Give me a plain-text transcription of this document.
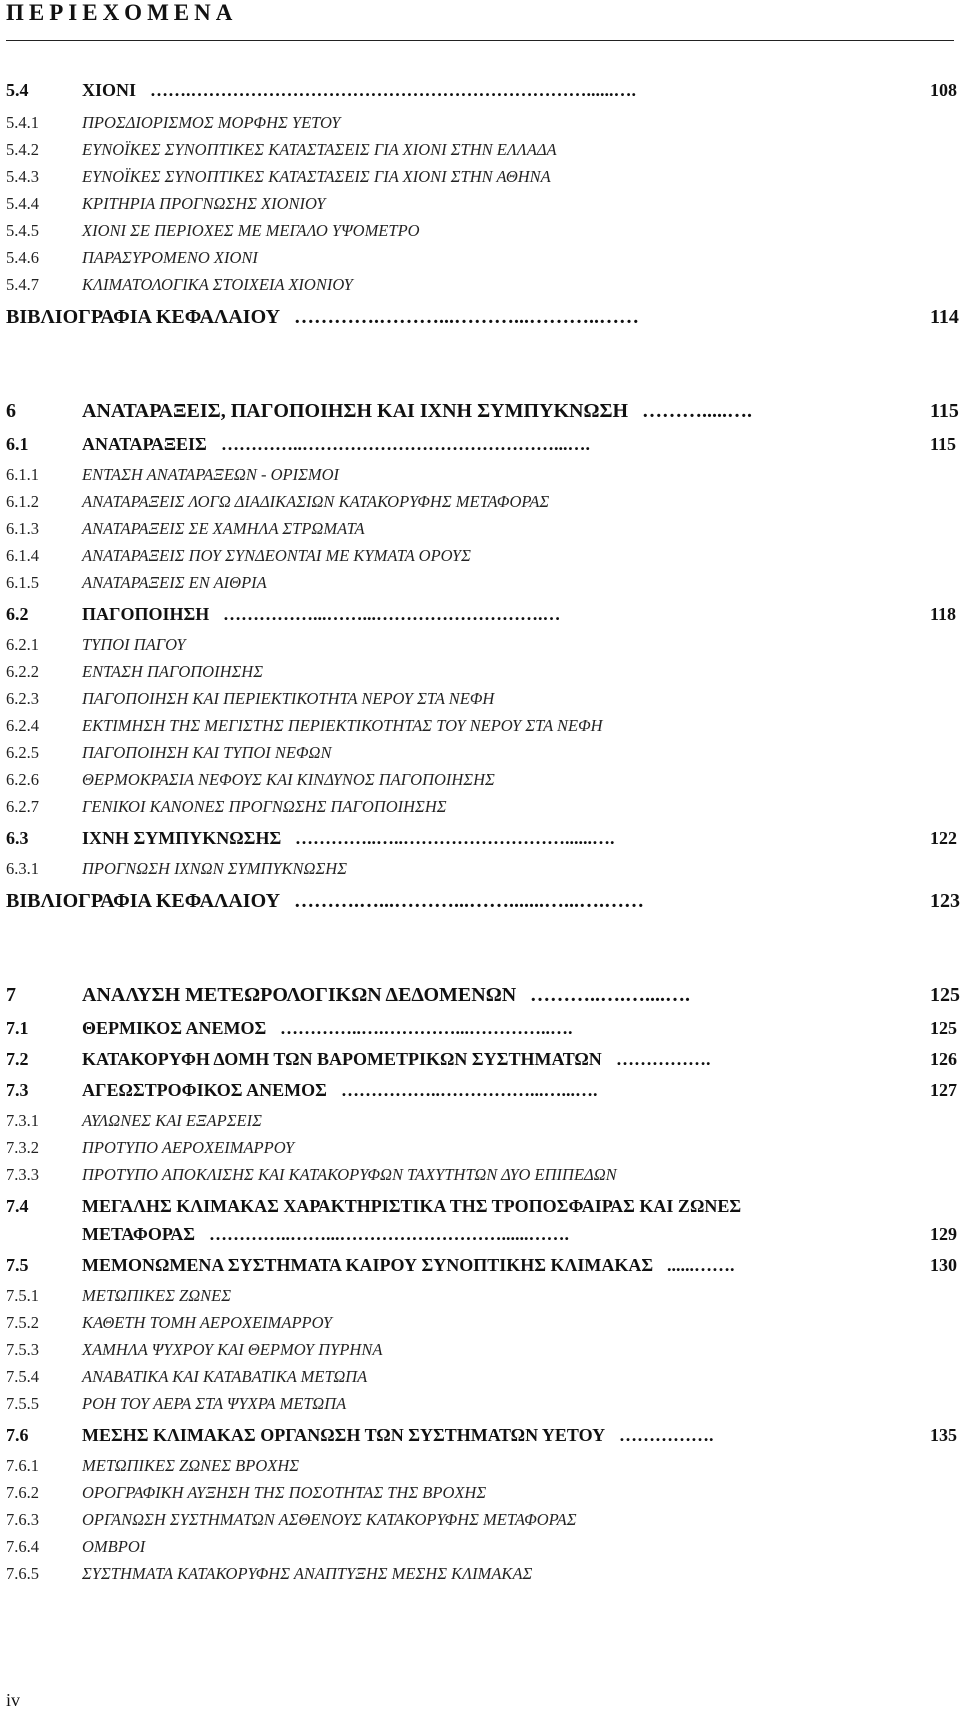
ΠΕΡΙΕΧΟΜΕΝΑ
5.4	ΧΙΟΝΙ …….…………………………………………………………......….	108
5.4.1	ΠΡΟΣΔΙΟΡΙΣΜΟΣ ΜΟΡΦΗΣ ΥΕΤΟΥ
5.4.2	ΕΥΝΟΪΚΕΣ ΣΥΝΟΠΤΙΚΕΣ ΚΑΤΑΣΤΑΣΕΙΣ ΓΙΑ ΧΙΟΝΙ ΣΤΗΝ ΕΛΛΑΔΑ
5.4.3	ΕΥΝΟΪΚΕΣ ΣΥΝΟΠΤΙΚΕΣ ΚΑΤΑΣΤΑΣΕΙΣ ΓΙΑ ΧΙΟΝΙ ΣΤΗΝ ΑΘΗΝΑ
5.4.4	ΚΡΙΤΗΡΙΑ ΠΡΟΓΝΩΣΗΣ ΧΙΟΝΙΟΥ
5.4.5	ΧΙΟΝΙ ΣΕ ΠΕΡΙΟΧΕΣ ΜΕ ΜΕΓΑΛΟ ΥΨΟΜΕΤΡΟ
5.4.6	ΠΑΡΑΣΥΡΟΜΕΝΟ ΧΙΟΝΙ
5.4.7	ΚΛΙΜΑΤΟΛΟΓΙΚΑ ΣΤΟΙΧΕΙΑ ΧΙΟΝΙΟΥ
ΒΙΒΛΙΟΓΡΑΦΙΑ ΚΕΦΑΛΑΙΟΥ ………….………...………...………..……	114
6	ΑΝΑΤΑΡΑΞΕΙΣ, ΠΑΓΟΠΟΙΗΣΗ ΚΑΙ ΙΧΝΗ ΣΥΜΠΥΚΝΩΣΗ ……….....….	115
6.1	ΑΝΑΤΑΡΑΞΕΙΣ …………..……………………………………...….	115
6.1.1	ΕΝΤΑΣΗ ΑΝΑΤΑΡΑΞΕΩΝ - ΟΡΙΣΜΟΙ
6.1.2	ΑΝΑΤΑΡΑΞΕΙΣ ΛΟΓΩ ΔΙΑΔΙΚΑΣΙΩΝ ΚΑΤΑΚΟΡΥΦΗΣ ΜΕΤΑΦΟΡΑΣ
6.1.3	ΑΝΑΤΑΡΑΞΕΙΣ ΣΕ ΧΑΜΗΛΑ ΣΤΡΩΜΑΤΑ
6.1.4	ΑΝΑΤΑΡΑΞΕΙΣ ΠΟΥ ΣΥΝΔΕΟΝΤΑΙ ΜΕ ΚΥΜΑΤΑ ΟΡΟΥΣ
6.1.5	ΑΝΑΤΑΡΑΞΕΙΣ ΕΝ ΑΙΘΡΙΑ
6.2	ΠΑΓΟΠΟΙΗΣΗ ……………...……...……………………….…	118
6.2.1	ΤΥΠΟΙ ΠΑΓΟΥ
6.2.2	ΕΝΤΑΣΗ ΠΑΓΟΠΟΙΗΣΗΣ
6.2.3	ΠΑΓΟΠΟΙΗΣΗ ΚΑΙ ΠΕΡΙΕΚΤΙΚΟΤΗΤΑ ΝΕΡΟΥ ΣΤΑ ΝΕΦΗ
6.2.4	ΕΚΤΙΜΗΣΗ ΤΗΣ ΜΕΓΙΣΤΗΣ ΠΕΡΙΕΚΤΙΚΟΤΗΤΑΣ ΤΟΥ ΝΕΡΟΥ ΣΤΑ ΝΕΦΗ
6.2.5	ΠΑΓΟΠΟΙΗΣΗ ΚΑΙ ΤΥΠΟΙ ΝΕΦΩΝ
6.2.6	ΘΕΡΜΟΚΡΑΣΙΑ ΝΕΦΟΥΣ ΚΑΙ ΚΙΝΔΥΝΟΣ ΠΑΓΟΠΟΙΗΣΗΣ
6.2.7	ΓΕΝΙΚΟΙ ΚΑΝΟΝΕΣ ΠΡΟΓΝΩΣΗΣ ΠΑΓΟΠΟΙΗΣΗΣ
6.3	ΙΧΝΗ ΣΥΜΠΥΚΝΩΣΗΣ …………..…..………………………......….	122
6.3.1	ΠΡΟΓΝΩΣΗ ΙΧΝΩΝ ΣΥΜΠΥΚΝΩΣΗΣ
ΒΙΒΛΙΟΓΡΑΦΙΑ ΚΕΦΑΛΑΙΟΥ ……….…...………...…….......…...….……	123
7	ΑΝΑΛΥΣΗ ΜΕΤΕΩΡΟΛΟΓΙΚΩΝ ΔΕΔΟΜΕΝΩΝ ………..….…....….	125
7.1	ΘΕΡΜΙΚΟΣ ΑΝΕΜΟΣ …………..….…………...…………..….	125
7.2	ΚΑΤΑΚΟΡΥΦΗ ΔΟΜΗ ΤΩΝ ΒΑΡΟΜΕΤΡΙΚΩΝ ΣΥΣΤΗΜΑΤΩΝ …………….	126
7.3	ΑΓΕΩΣΤΡΟΦΙΚΟΣ ΑΝΕΜΟΣ ……………..……………...…...….	127
7.3.1	ΑΥΛΩΝΕΣ ΚΑΙ ΕΞΑΡΣΕΙΣ
7.3.2	ΠΡΟΤΥΠΟ ΑΕΡΟΧΕΙΜΑΡΡΟΥ
7.3.3	ΠΡΟΤΥΠΟ ΑΠΟΚΛΙΣΗΣ ΚΑΙ ΚΑΤΑΚΟΡΥΦΩΝ ΤΑΧΥΤΗΤΩΝ ΔΥΟ ΕΠΙΠΕΔΩΝ
7.4	ΜΕΓΑΛΗΣ ΚΛΙΜΑΚΑΣ ΧΑΡΑΚΤΗΡΙΣΤΙΚΑ ΤΗΣ ΤΡΟΠΟΣΦΑΙΡΑΣ ΚΑΙ ΖΩΝΕΣ
ΜΕΤΑΦΟΡΑΣ …………..……...………………………......…….	129
7.5	ΜΕΜΟΝΩΜΕΝΑ ΣΥΣΤΗΜΑΤΑ ΚΑΙΡΟΥ ΣΥΝΟΠΤΙΚΗΣ ΚΛΙΜΑΚΑΣ ......…….	130
7.5.1	ΜΕΤΩΠΙΚΕΣ ΖΩΝΕΣ
7.5.2	ΚΑΘΕΤΗ ΤΟΜΗ ΑΕΡΟΧΕΙΜΑΡΡΟΥ
7.5.3	ΧΑΜΗΛΑ ΨΥΧΡΟΥ ΚΑΙ ΘΕΡΜΟΥ ΠΥΡΗΝΑ
7.5.4	ΑΝΑΒΑΤΙΚΑ ΚΑΙ ΚΑΤΑΒΑΤΙΚΑ ΜΕΤΩΠΑ
7.5.5	ΡΟΗ ΤΟΥ ΑΕΡΑ ΣΤΑ ΨΥΧΡΑ ΜΕΤΩΠΑ
7.6	ΜΕΣΗΣ ΚΛΙΜΑΚΑΣ ΟΡΓΑΝΩΣΗ ΤΩΝ ΣΥΣΤΗΜΑΤΩΝ ΥΕΤΟΥ …………….	135
7.6.1	ΜΕΤΩΠΙΚΕΣ ΖΩΝΕΣ ΒΡΟΧΗΣ
7.6.2	ΟΡΟΓΡΑΦΙΚΗ ΑΥΞΗΣΗ ΤΗΣ ΠΟΣΟΤΗΤΑΣ ΤΗΣ ΒΡΟΧΗΣ
7.6.3	ΟΡΓΑΝΩΣΗ ΣΥΣΤΗΜΑΤΩΝ ΑΣΘΕΝΟΥΣ ΚΑΤΑΚΟΡΥΦΗΣ ΜΕΤΑΦΟΡΑΣ
7.6.4	ΟΜΒΡΟΙ
7.6.5	ΣΥΣΤΗΜΑΤΑ ΚΑΤΑΚΟΡΥΦΗΣ ΑΝΑΠΤΥΞΗΣ ΜΕΣΗΣ ΚΛΙΜΑΚΑΣ
iv
